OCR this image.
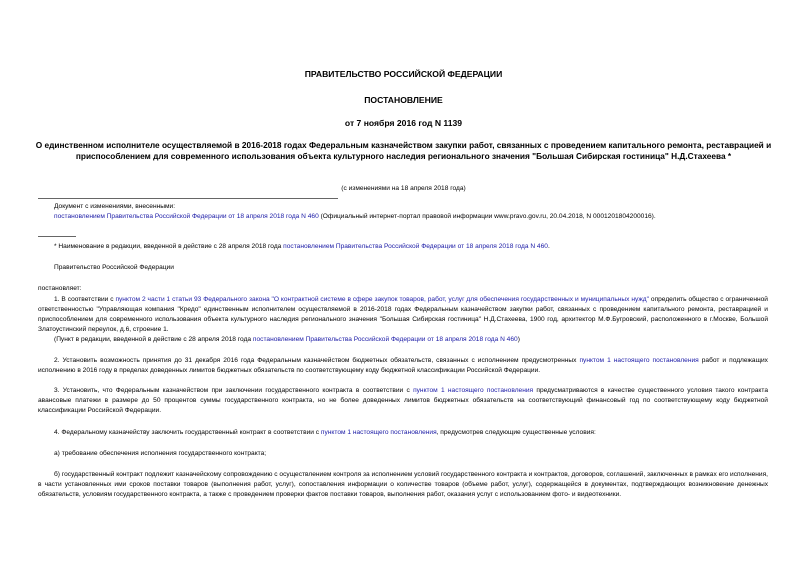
ПРАВИТЕЛЬСТВО РОССИЙСКОЙ ФЕДЕРАЦИИ
ПОСТАНОВЛЕНИЕ
от 7 ноября 2016 год N 1139
О единственном исполнителе осуществляемой в 2016-2018 годах Федеральным казначейством закупки работ, связанных с проведением капитального ремонта, реставрацией и приспособлением для современного использования объекта культурного наследия регионального значения "Большая Сибирская гостиница" Н.Д.Стахеева *
(с изменениями на 18 апреля 2018 года)
Документ с изменениями, внесенными:
постановлением Правительства Российской Федерации от 18 апреля 2018 года N 460 (Официальный интернет-портал правовой информации www.pravo.gov.ru, 20.04.2018, N 0001201804200016).
* Наименование в редакции, введенной в действие с 28 апреля 2018 года постановлением Правительства Российской Федерации от 18 апреля 2018 года N 460.
Правительство Российской Федерации
постановляет:
1. В соответствии с пунктом 2 части 1 статьи 93 Федерального закона "О контрактной системе в сфере закупок товаров, работ, услуг для обеспечения государственных и муниципальных нужд" определить общество с ограниченной ответственностью "Управляющая компания "Кредо" единственным исполнителем осуществляемой в 2016-2018 годах Федеральным казначейством закупки работ, связанных с проведением капитального ремонта, реставрацией и приспособлением для современного использования объекта культурного наследия регионального значения "Большая Сибирская гостиница" Н.Д.Стахеева, 1900 год, архитектор М.Ф.Бугровский, расположенного в г.Москве, Большой Златоустинский переулок, д.6, строение 1.
(Пункт в редакции, введенной в действие с 28 апреля 2018 года постановлением Правительства Российской Федерации от 18 апреля 2018 года N 460)
2. Установить возможность принятия до 31 декабря 2016 года Федеральным казначейством бюджетных обязательств, связанных с исполнением предусмотренных пунктом 1 настоящего постановления работ и подлежащих исполнению в 2016 году в пределах доведенных лимитов бюджетных обязательств по соответствующему коду бюджетной классификации Российской Федерации.
3. Установить, что Федеральным казначейством при заключении государственного контракта в соответствии с пунктом 1 настоящего постановления предусматриваются в качестве существенного условия такого контракта авансовые платежи в размере до 50 процентов суммы государственного контракта, но не более доведенных лимитов бюджетных обязательств на соответствующий финансовый год по соответствующему коду бюджетной классификации Российской Федерации.
4. Федеральному казначейству заключить государственный контракт в соответствии с пунктом 1 настоящего постановления, предусмотрев следующие существенные условия:
а) требование обеспечения исполнения государственного контракта;
б) государственный контракт подлежит казначейскому сопровождению с осуществлением контроля за исполнением условий государственного контракта и контрактов, договоров, соглашений, заключенных в рамках его исполнения, в части установленных ими сроков поставки товаров (выполнения работ, услуг), сопоставления информации о количестве товаров (объеме работ, услуг), содержащейся в документах, подтверждающих возникновение денежных обязательств, условиям государственного контракта, а также с проведением проверки фактов поставки товаров, выполнения работ, оказания услуг с использованием фото- и видеотехники.
